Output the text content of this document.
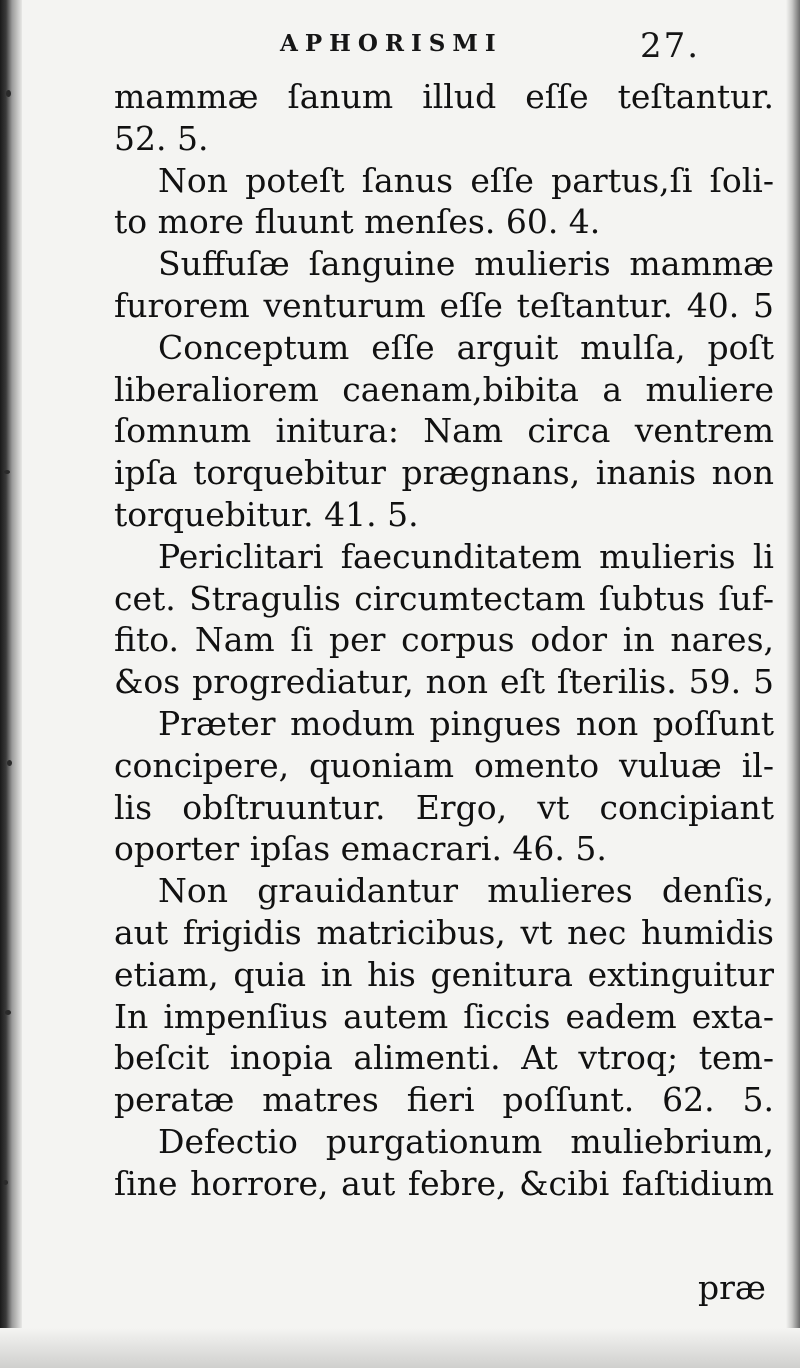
APHORISMI	27.
mammæ ſanum illud eſſe teſtantur.
52. 5.
Non poteſt ſanus eſſe partus,ſi ſoli-
to more fluunt menſes. 60. 4.
Suffuſæ ſanguine mulieris mammæ
furorem venturum eſſe teſtantur. 40. 5
Conceptum eſſe arguit mulſa, poſt
liberaliorem caenam,bibita a muliere
ſomnum initura: Nam circa ventrem
ipſa torquebitur prægnans, inanis non
torquebitur. 41. 5.
Periclitari faecunditatem mulieris li
cet. Stragulis circumtectam ſubtus ſuf-
fito. Nam ſi per corpus odor in nares,
&os progrediatur, non eſt ſterilis. 59. 5
Præter modum pingues non poſſunt
concipere, quoniam omento vuluæ il-
lis obſtruuntur. Ergo, vt concipiant
oporter ipſas emacrari. 46. 5.
Non grauidantur mulieres denſis,
aut frigidis matricibus, vt nec humidis
etiam, quia in his genitura extinguitur
In impenſius autem ſiccis eadem exta-
beſcit inopia alimenti. At vtroq; tem-
peratæ matres fieri poſſunt. 62. 5.
Defectio purgationum muliebrium,
ſine horrore, aut febre, &cibi faſtidium
præ
